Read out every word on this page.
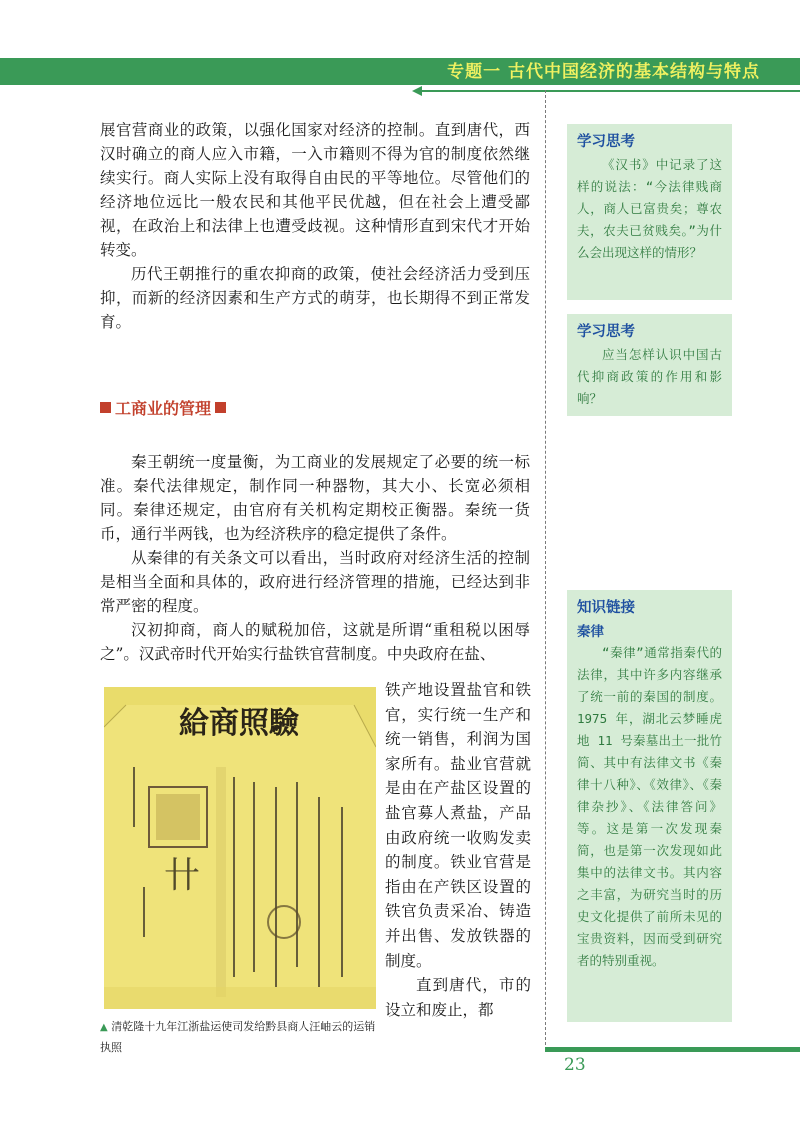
专题一 古代中国经济的基本结构与特点

展官营商业的政策，以强化国家对经济的控制。直到唐代，西汉时确立的商人应入市籍，一入市籍则不得为官的制度依然继续实行。商人实际上没有取得自由民的平等地位。尽管他们的经济地位远比一般农民和其他平民优越，但在社会上遭受鄙视，在政治上和法律上也遭受歧视。这种情形直到宋代才开始转变。

历代王朝推行的重农抑商的政策，使社会经济活力受到压抑，而新的经济因素和生产方式的萌芽，也长期得不到正常发育。

工商业的管理

秦王朝统一度量衡，为工商业的发展规定了必要的统一标准。秦代法律规定，制作同一种器物，其大小、长宽必须相同。秦律还规定，由官府有关机构定期校正衡器。秦统一货币，通行半两钱，也为经济秩序的稳定提供了条件。

从秦律的有关条文可以看出，当时政府对经济生活的控制是相当全面和具体的，政府进行经济管理的措施，已经达到非常严密的程度。

汉初抑商，商人的赋税加倍，这就是所谓“重租税以困辱之”。汉武帝时代开始实行盐铁官营制度。中央政府在盐、

給商照驗
卄
▲ 清乾隆十九年江浙盐运使司发给黔县商人汪岫云的运销执照

铁产地设置盐官和铁官，实行统一生产和统一销售，利润为国家所有。盐业官营就是由在产盐区设置的盐官募人煮盐，产品由政府统一收购发卖的制度。铁业官营是指由在产铁区设置的铁官负责采冶、铸造并出售、发放铁器的制度。

直到唐代，市的设立和废止，都

学习思考
《汉书》中记录了这样的说法：“今法律贱商人，商人已富贵矣；尊农夫，农夫已贫贱矣。”为什么会出现这样的情形？
学习思考
应当怎样认识中国古代抑商政策的作用和影响？
知识链接
秦律
“秦律”通常指秦代的法律，其中许多内容继承了统一前的秦国的制度。1975 年，湖北云梦睡虎地 11 号秦墓出土一批竹简、其中有法律文书《秦律十八种》、《效律》、《秦律杂抄》、《法律答问》等。这是第一次发现秦简，也是第一次发现如此集中的法律文书。其内容之丰富，为研究当时的历史文化提供了前所未见的宝贵资料，因而受到研究者的特别重视。
23
